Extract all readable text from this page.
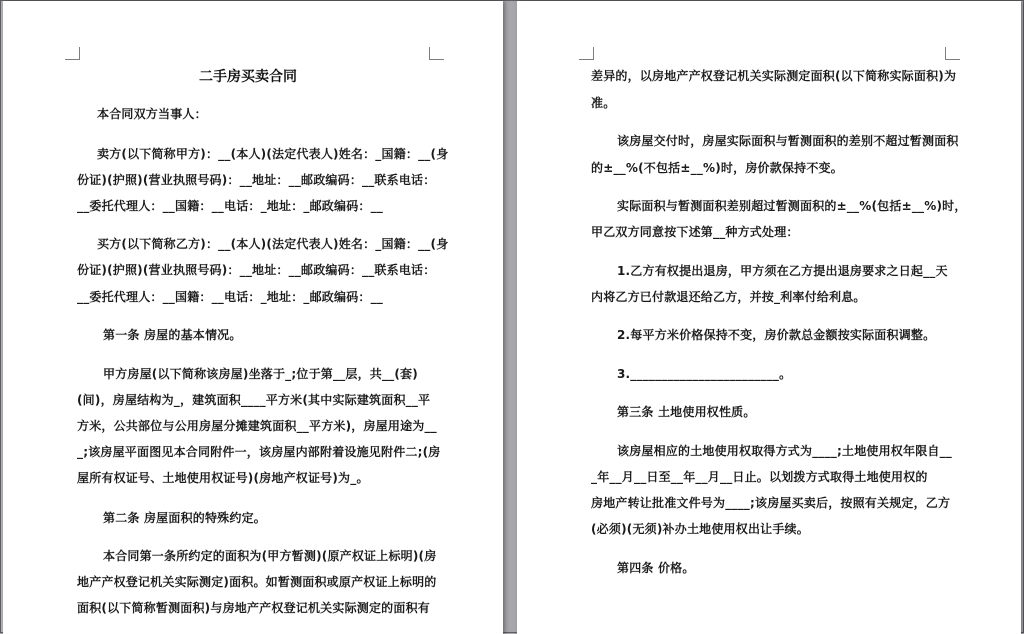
二手房买卖合同
本合同双方当事人：
卖方(以下简称甲方)：__(本人)(法定代表人)姓名：_国籍：__(身
份证)(护照)(营业执照号码)：__地址：__邮政编码：__联系电话：
__委托代理人：__国籍：__电话：_地址：_邮政编码：__
买方(以下简称乙方)：__(本人)(法定代表人)姓名：_国籍：__(身
份证)(护照)(营业执照号码)：__地址：__邮政编码：__联系电话：
__委托代理人：__国籍：__电话：_地址：_邮政编码：__
第一条 房屋的基本情况。
甲方房屋(以下简称该房屋)坐落于_;位于第__层，共__(套)
(间)，房屋结构为_，建筑面积____平方米(其中实际建筑面积__平
方米，公共部位与公用房屋分摊建筑面积__平方米)，房屋用途为__
_;该房屋平面图见本合同附件一，该房屋内部附着设施见附件二;(房
屋所有权证号、土地使用权证号)(房地产权证号)为_。
第二条 房屋面积的特殊约定。
本合同第一条所约定的面积为(甲方暂测)(原产权证上标明)(房
地产产权登记机关实际测定)面积。如暂测面积或原产权证上标明的
面积(以下简称暂测面积)与房地产产权登记机关实际测定的面积有
差异的，以房地产产权登记机关实际测定面积(以下简称实际面积)为
准。
该房屋交付时，房屋实际面积与暂测面积的差别不超过暂测面积
的±__%(不包括±__%)时，房价款保持不变。
实际面积与暂测面积差别超过暂测面积的±__%(包括±__%)时，
甲乙双方同意按下述第__种方式处理：
1.乙方有权提出退房，甲方须在乙方提出退房要求之日起__天
内将乙方已付款退还给乙方，并按_利率付给利息。
2.每平方米价格保持不变，房价款总金额按实际面积调整。
3.________________________。
第三条 土地使用权性质。
该房屋相应的土地使用权取得方式为____;土地使用权年限自__
_年__月__日至__年__月__日止。以划拨方式取得土地使用权的
房地产转让批准文件号为____;该房屋买卖后，按照有关规定，乙方
(必须)(无须)补办土地使用权出让手续。
第四条 价格。
